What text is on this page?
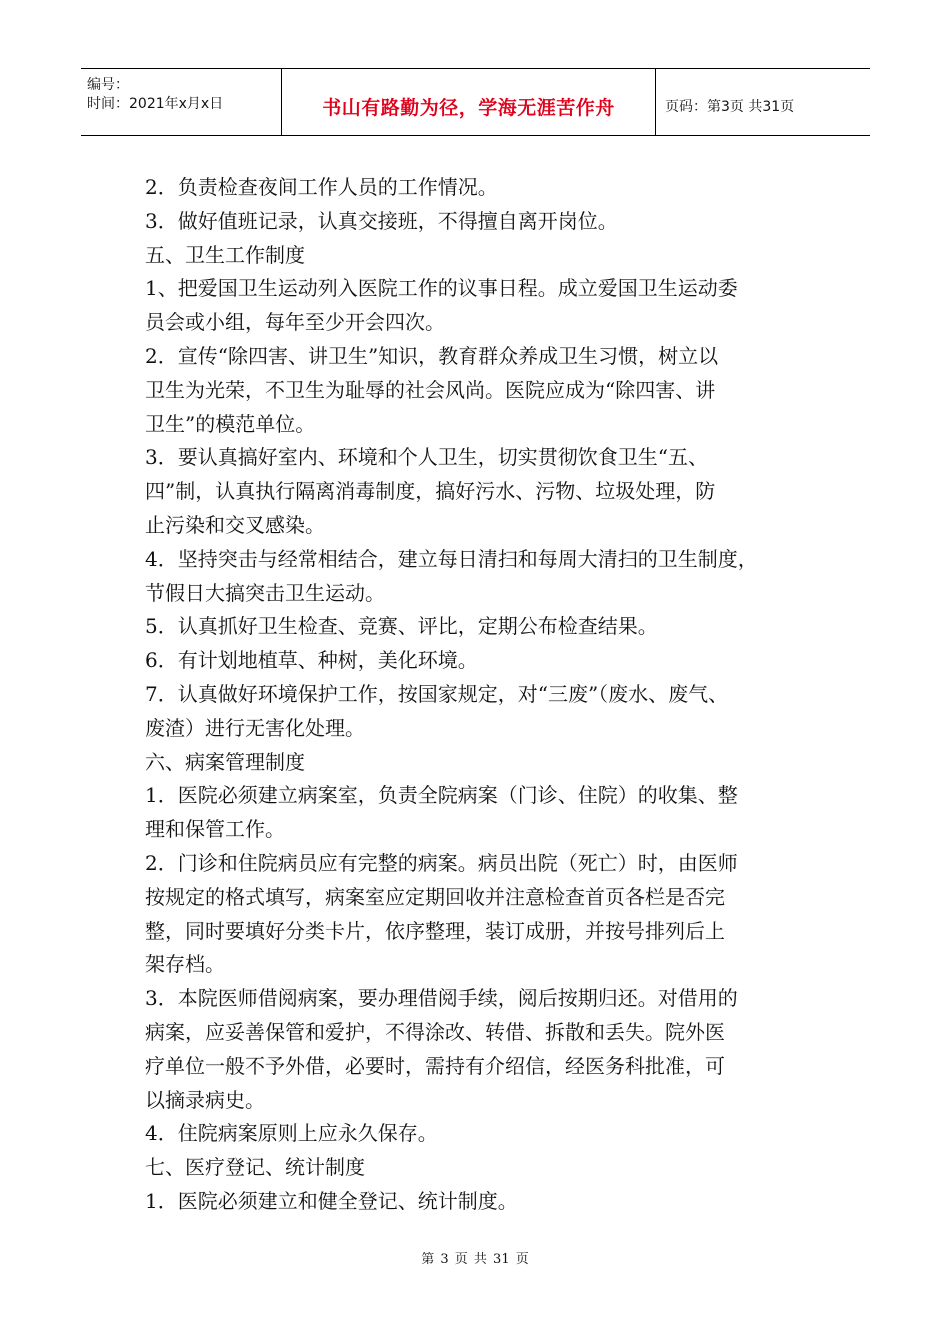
编号：
时间：2021年x月x日	书山有路勤为径，学海无涯苦作舟	页码：第3页 共31页

2．负责检查夜间工作人员的工作情况。

3．做好值班记录，认真交接班，不得擅自离开岗位。

五、卫生工作制度

1、把爱国卫生运动列入医院工作的议事日程。成立爱国卫生运动委

员会或小组，每年至少开会四次。

2．宣传“除四害、讲卫生”知识，教育群众养成卫生习惯，树立以

卫生为光荣，不卫生为耻辱的社会风尚。医院应成为“除四害、讲

卫生”的模范单位。

3．要认真搞好室内、环境和个人卫生，切实贯彻饮食卫生“五、

四”制，认真执行隔离消毒制度，搞好污水、污物、垃圾处理，防

止污染和交叉感染。

4．坚持突击与经常相结合，建立每日清扫和每周大清扫的卫生制度，

节假日大搞突击卫生运动。

5．认真抓好卫生检查、竞赛、评比，定期公布检查结果。

6．有计划地植草、种树，美化环境。

7．认真做好环境保护工作，按国家规定，对“三废”（废水、废气、

废渣）进行无害化处理。

六、病案管理制度

1．医院必须建立病案室，负责全院病案（门诊、住院）的收集、整

理和保管工作。

2．门诊和住院病员应有完整的病案。病员出院（死亡）时，由医师

按规定的格式填写，病案室应定期回收并注意检查首页各栏是否完

整，同时要填好分类卡片，依序整理，装订成册，并按号排列后上

架存档。

3．本院医师借阅病案，要办理借阅手续，阅后按期归还。对借用的

病案，应妥善保管和爱护，不得涂改、转借、拆散和丢失。院外医

疗单位一般不予外借，必要时，需持有介绍信，经医务科批准，可

以摘录病史。

4．住院病案原则上应永久保存。

七、医疗登记、统计制度

1．医院必须建立和健全登记、统计制度。

第 3 页 共 31 页
